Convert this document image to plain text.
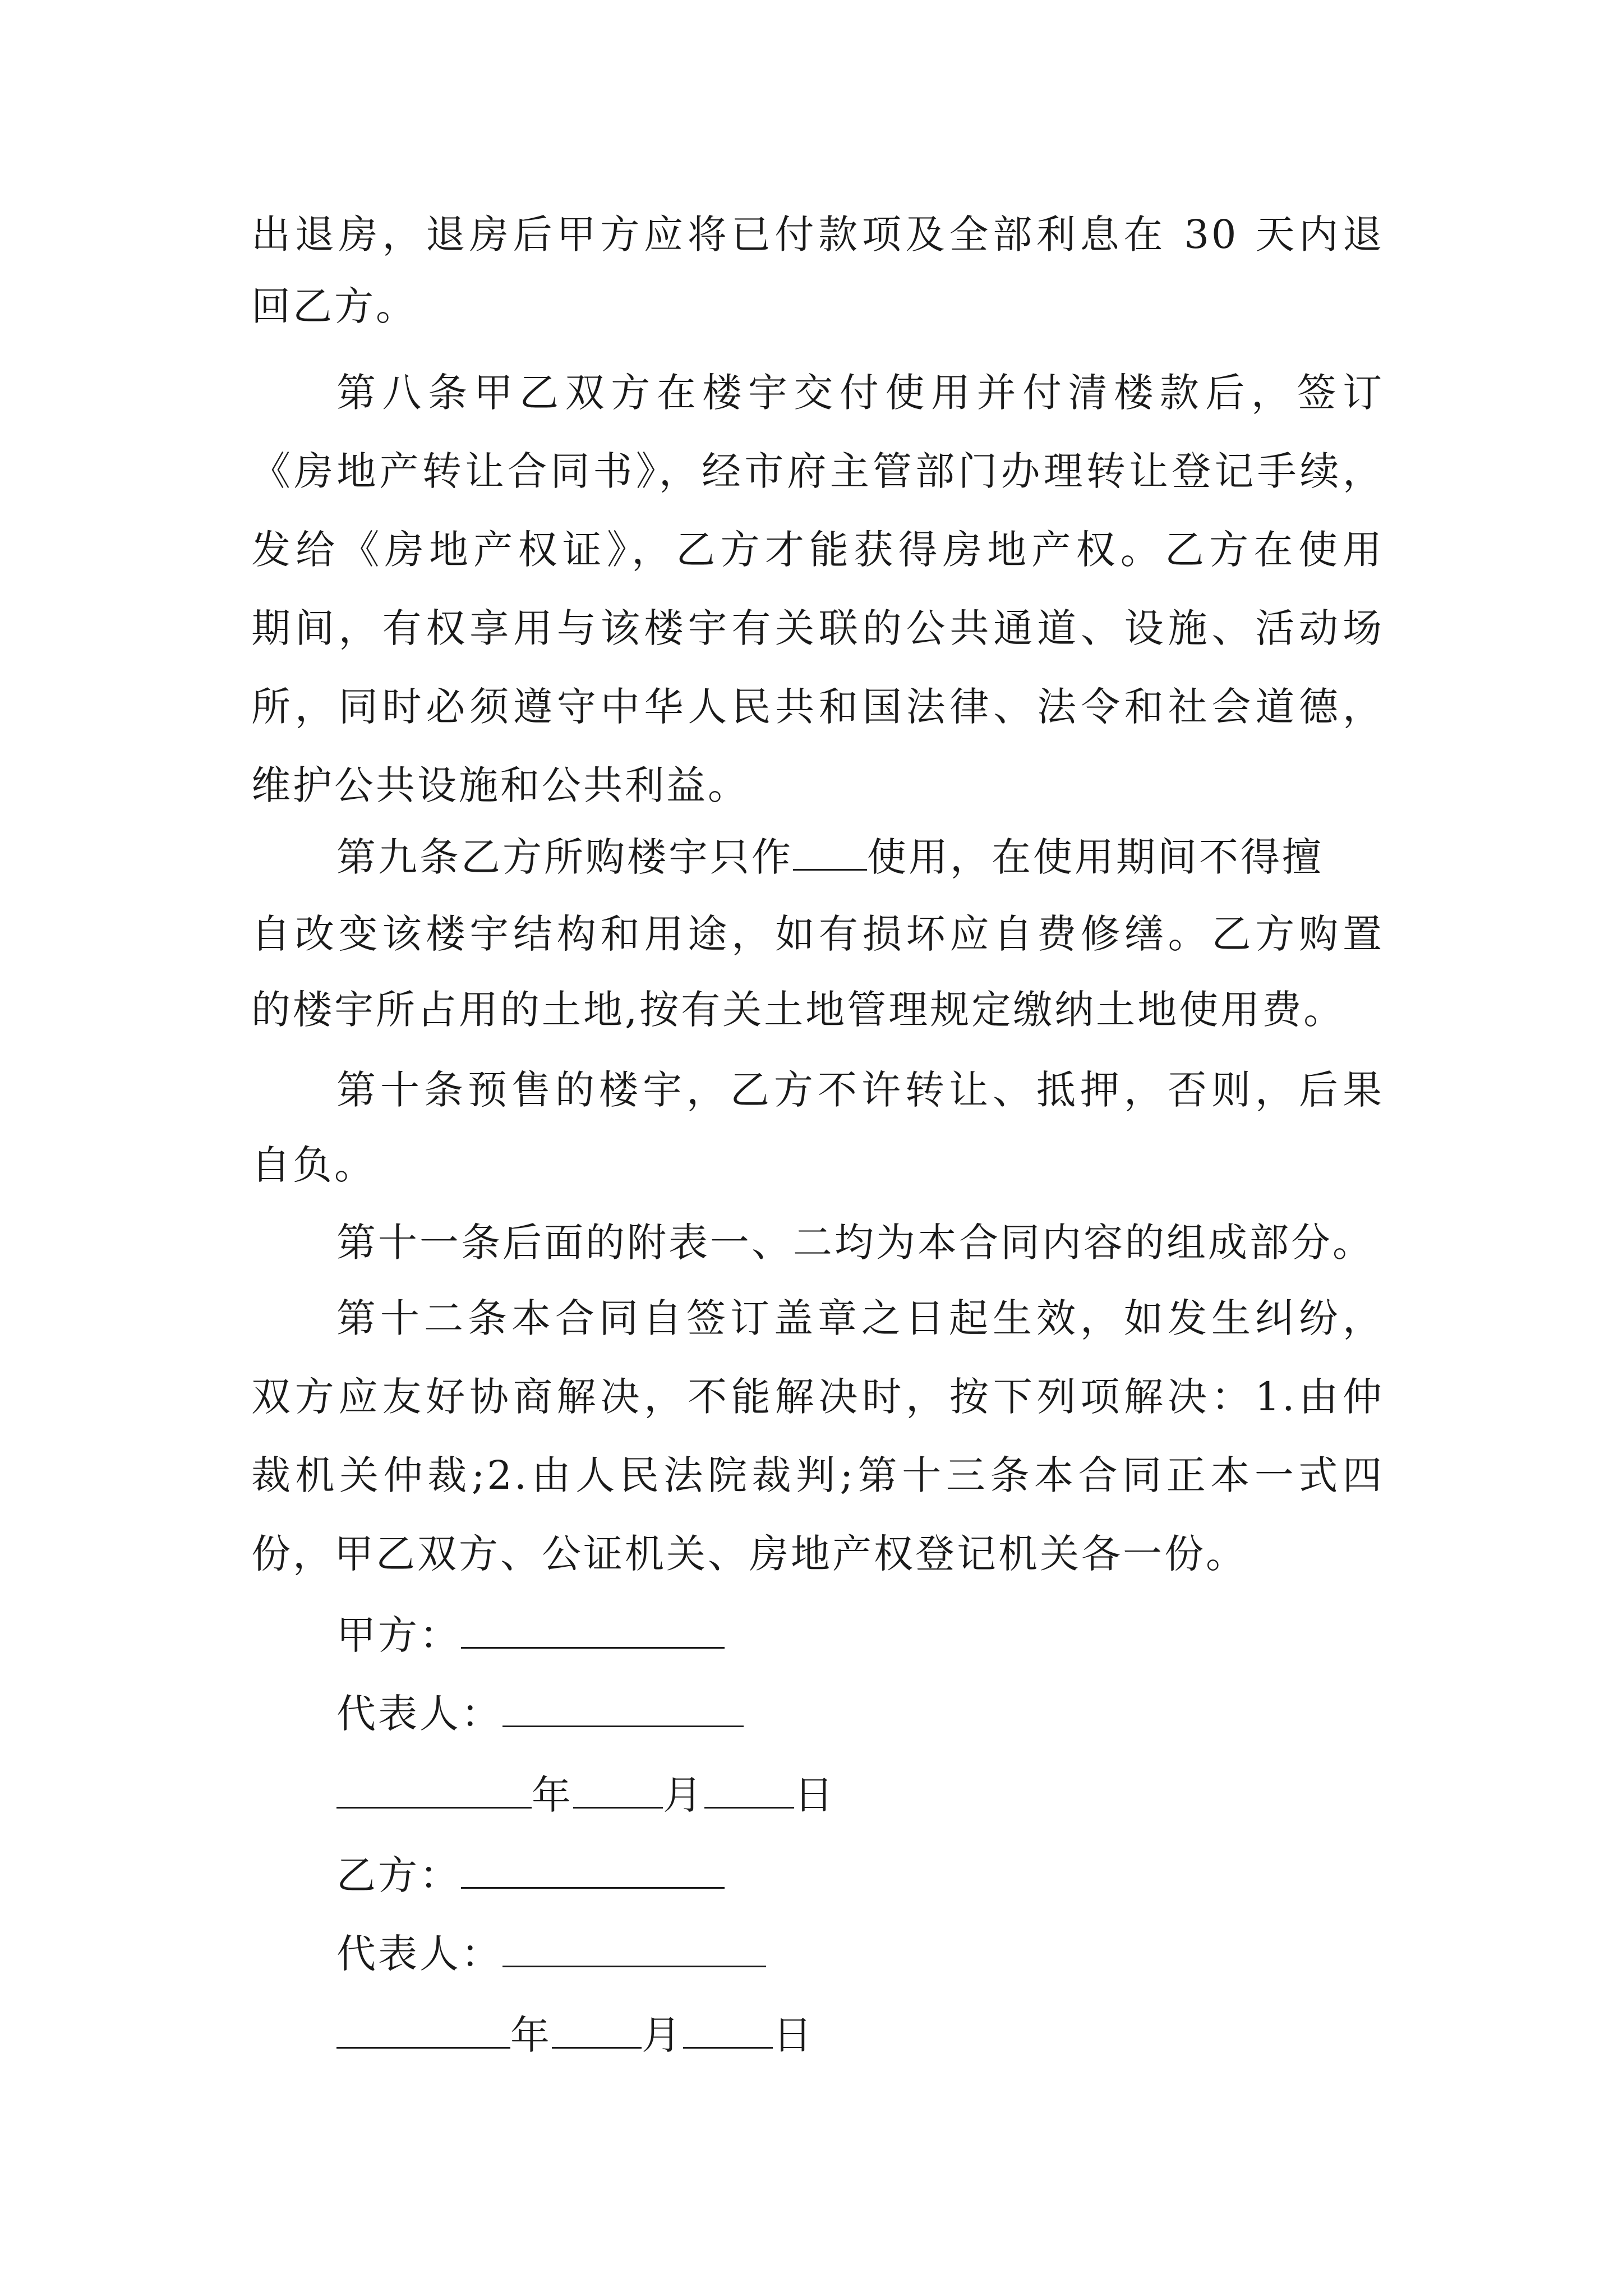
出退房，退房后甲方应将已付款项及全部利息在 30 天内退
回乙方。
第八条甲乙双方在楼宇交付使用并付清楼款后，签订
《房地产转让合同书》，经市府主管部门办理转让登记手续，
发给《房地产权证》，乙方才能获得房地产权。乙方在使用
期间，有权享用与该楼宇有关联的公共通道、设施、活动场
所，同时必须遵守中华人民共和国法律、法令和社会道德，
维护公共设施和公共利益。
第九条乙方所购楼宇只作 使用，在使用期间不得擅
自改变该楼宇结构和用途，如有损坏应自费修缮。乙方购置
的楼宇所占用的土地,按有关土地管理规定缴纳土地使用费。
第十条预售的楼宇，乙方不许转让、抵押，否则，后果
自负。
第十一条后面的附表一、二均为本合同内容的组成部分。
第十二条本合同自签订盖章之日起生效，如发生纠纷，
双方应友好协商解决，不能解决时，按下列项解决：1.由仲
裁机关仲裁;2.由人民法院裁判;第十三条本合同正本一式四
份，甲乙双方、公证机关、房地产权登记机关各一份。
甲方：
代表人：
年 月 日
乙方：
代表人：
年 月 日
